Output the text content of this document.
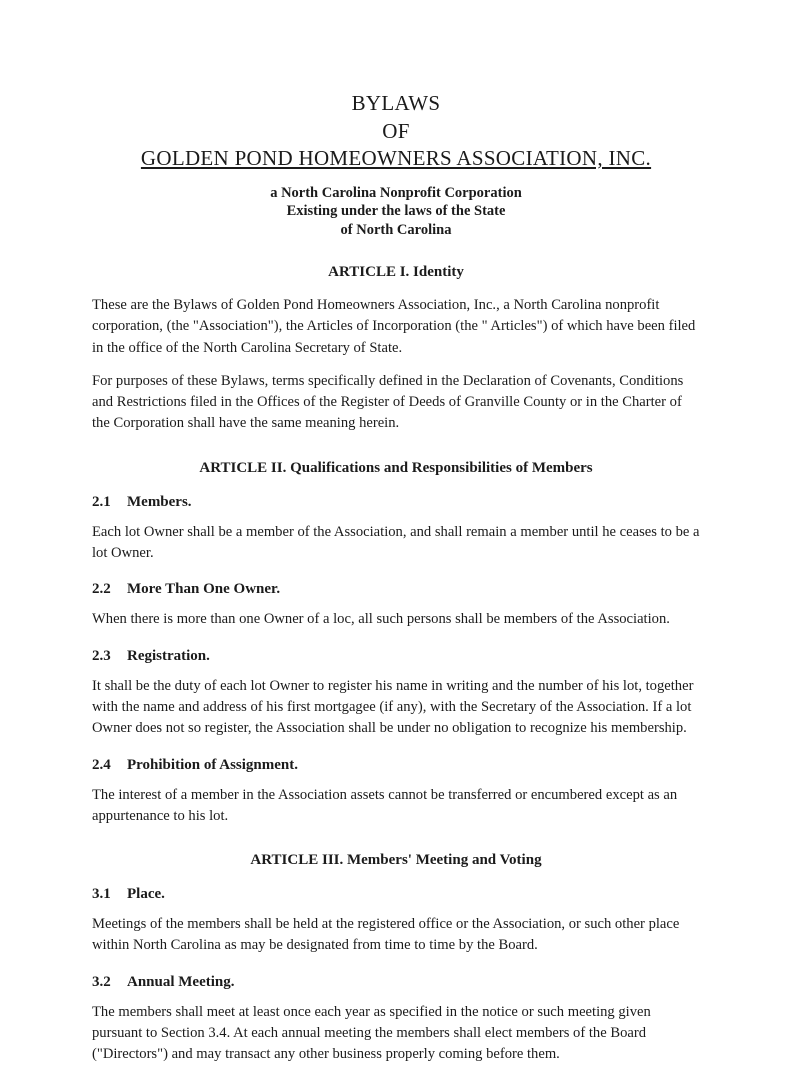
BYLAWS
OF
GOLDEN POND HOMEOWNERS ASSOCIATION, INC.
a North Carolina Nonprofit Corporation
Existing under the laws of the State
of North Carolina
ARTICLE I. Identity

These are the Bylaws of Golden Pond Homeowners Association, Inc., a North Carolina nonprofit corporation, (the "Association"), the Articles of Incorporation (the " Articles") of which have been filed in the office of the North Carolina Secretary of State.

For purposes of these Bylaws, terms specifically defined in the Declaration of Covenants, Conditions and Restrictions filed in the Offices of the Register of Deeds of Granville County or in the Charter of the Corporation shall have the same meaning herein.

ARTICLE II. Qualifications and Responsibilities of Members
2.1 Members.

Each lot Owner shall be a member of the Association, and shall remain a member until he ceases to be a lot Owner.

2.2 More Than One Owner.

When there is more than one Owner of a loc, all such persons shall be members of the Association.

2.3 Registration.

It shall be the duty of each lot Owner to register his name in writing and the number of his lot, together with the name and address of his first mortgagee (if any), with the Secretary of the Association. If a lot Owner does not so register, the Association shall be under no obligation to recognize his membership.

2.4 Prohibition of Assignment.

The interest of a member in the Association assets cannot be transferred or encumbered except as an appurtenance to his lot.

ARTICLE III. Members' Meeting and Voting
3.1 Place.

Meetings of the members shall be held at the registered office or the Association, or such other place within North Carolina as may be designated from time to time by the Board.

3.2 Annual Meeting.

The members shall meet at least once each year as specified in the notice or such meeting given pursuant to Section 3.4. At each annual meeting the members shall elect members of the Board ("Directors") and may transact any other business properly coming before them.
